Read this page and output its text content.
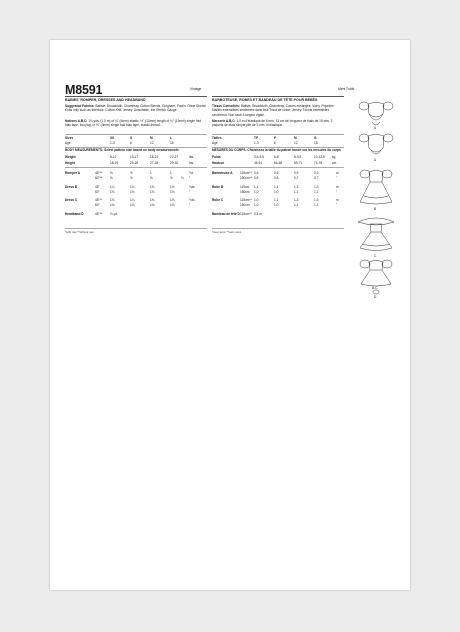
M8591	Vintage	Mimi Tudlé
BABIES' ROMPER, DRESSES AND HEADBAND
Suggested Fabrics: Batiste, Broadcloth, Chambray, Cotton Blends, Gingham, Poplin. Ohne Stretch Knits only such as Interlock, Cotton Knit, Jersey. Unsuitable: the Stretch Gauge.
Notions A,B,C: 1⅛ yds. (1.0 m) of ¼" (6mm) elastic, ½" (13mm) length of ¾" (19mm) single fold bias tape, two pkg. of ⅛" (3mm) single fold bias tape, elastic thread.
Sizes	XS	S	M	L
Age	1-3	6	12	18
BODY MEASUREMENTS: Select pattern size based on body measurements
Weight	8-12	13-17	18-21	22-27	lbs.
Height	18-24	25-26	27-28	29-30	ins.
Romper A	45"** ⅝	⅝	1	1	Yd.
60"** ⅝	⅝	⅝	⅝	¾ "
Dress B	45"	1¼	1¼	1⅜	1⅜	Yds.
60"	1⅛	1⅛	1⅛	1⅛	"
Dress C	45"** 1⅛	1¼	1⅜	1⅜	Yds.
60"	1⅛	1⅛	1⅛	1⅛	"
Headband D	45"** ⅛ yd.
*with nap **without nap
BARBOTEUSE, ROBES ET BANDEAU DE TÊTE POUR BÉBÉS
Tissus Conseillés: Batiste, Broadcloth, Chambray, Cotons mélangés, Vichy, Popeline. Mailles extensibles seulement dans tout Tricot de coton, Jersey. Tricots extensibles seulement. Non tissé à largeur égale.
Mercerie A,B,C: 1,0 m d'élastique de 6 mm, 13 cm de longueur de biais de 19 mm, 2 paquets de biais simple plié de 3 mm, fil élastique.
Tailles	TP	P	M	G
Âge	1-3	6	12	18
MESURES DU CORPS: Choisissez la taille du patron basée sur les mesures du corps
Poids	3,6-5,5	6-8	8-9,5	10-12,5 kg
Hauteur	46-61	64-66	69-71	74-76	cm
Barboteuse A 115cm** 0,6	0,6	0,9	0,9	m
150cm** 0,6	0,6	0,7	0,7	"
Robe B	115cm 1,1	1,1	1,3	1,3	m
150cm 1,0	1,0	1,1	1,1	"
Robe C	115cm** 1,0	1,1	1,3	1,3	m
150cm 1,0	1,0	1,1	1,1	"
Bandeau de tête D 115cm** 0,1 m
*avec sens **sans sens
A
A
B
C
B-C
D
